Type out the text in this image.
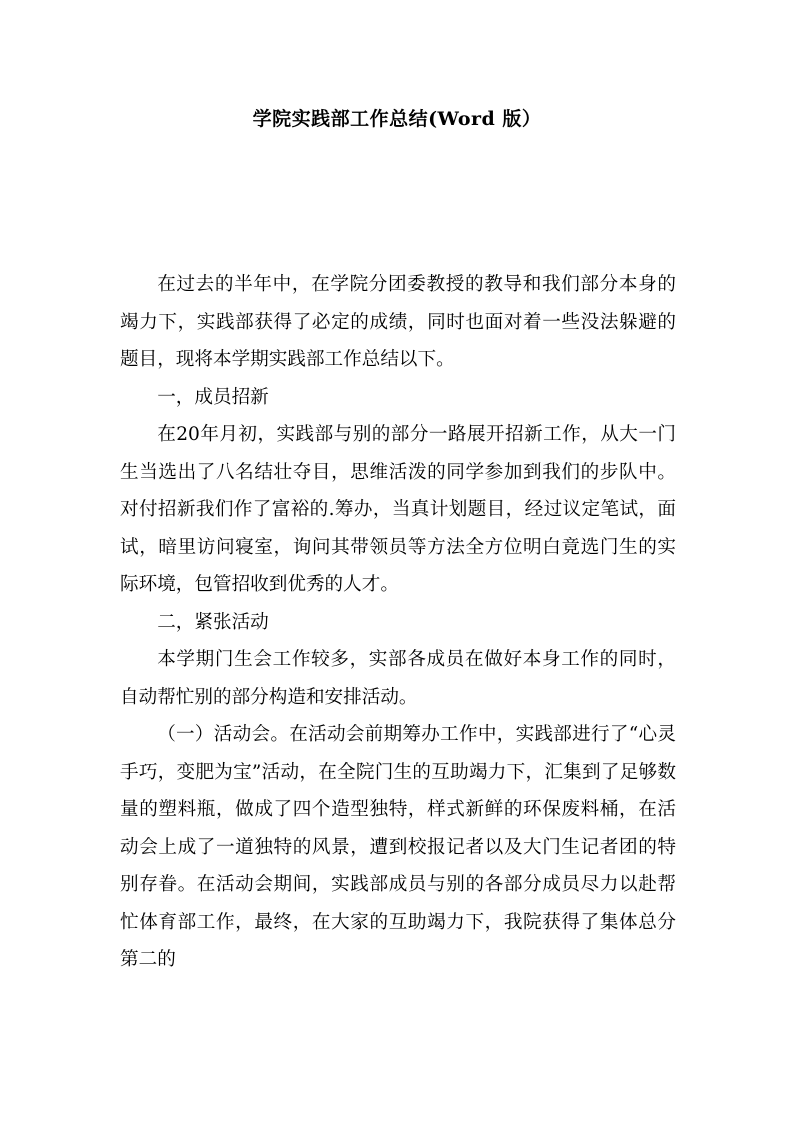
学院实践部工作总结(Word 版）

在过去的半年中，在学院分团委教授的教导和我们部分本身的竭力下，实践部获得了必定的成绩，同时也面对着一些没法躲避的题目，现将本学期实践部工作总结以下。

一，成员招新

在20年月初，实践部与别的部分一路展开招新工作，从大一门生当选出了八名结壮夺目，思维活泼的同学参加到我们的步队中。对付招新我们作了富裕的.筹办，当真计划题目，经过议定笔试，面试，暗里访问寝室，询问其带领员等方法全方位明白竟选门生的实际环境，包管招收到优秀的人才。

二，紧张活动

本学期门生会工作较多，实部各成员在做好本身工作的同时，自动帮忙别的部分构造和安排活动。

（一）活动会。在活动会前期筹办工作中，实践部进行了“心灵手巧，变肥为宝”活动，在全院门生的互助竭力下，汇集到了足够数量的塑料瓶，做成了四个造型独特，样式新鲜的环保废料桶，在活动会上成了一道独特的风景，遭到校报记者以及大门生记者团的特别存眷。在活动会期间，实践部成员与别的各部分成员尽力以赴帮忙体育部工作，最终，在大家的互助竭力下，我院获得了集体总分第二的
